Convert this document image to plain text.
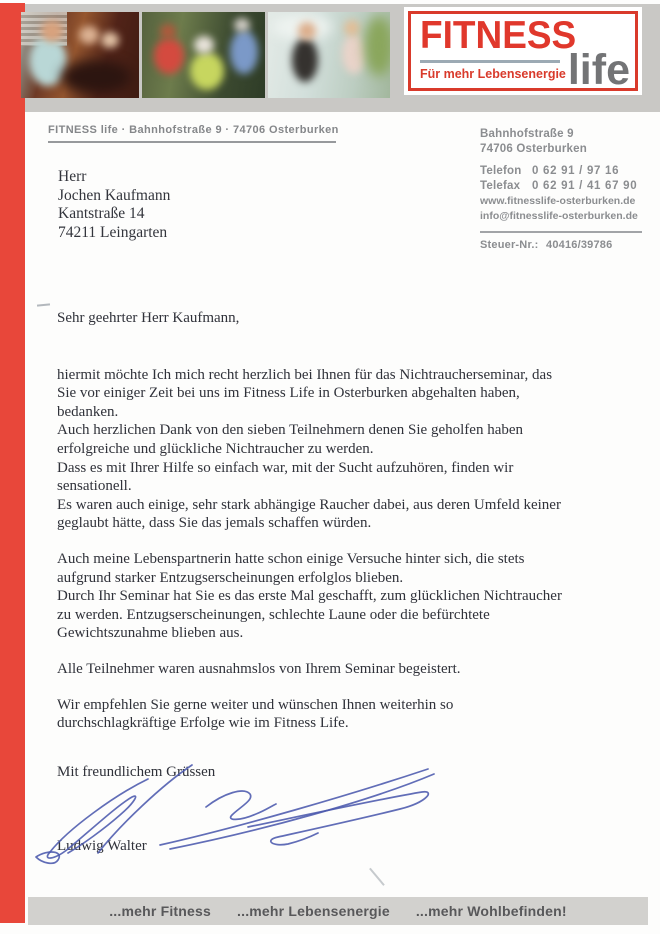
FITNESS
Für mehr Lebensenergie life
FITNESS life · Bahnhofstraße 9 · 74706 Osterburken
Herr
Jochen Kaufmann
Kantstraße 14
74211 Leingarten
Bahnhofstraße 9
74706 Osterburken
Telefon 0 62 91 / 97 16
Telefax	0 62 91 / 41 67 90
www.fitnesslife-osterburken.de
info@fitnesslife-osterburken.de
Steuer-Nr.: 40416/39786
Sehr geehrter Herr Kaufmann,
hiermit möchte Ich mich recht herzlich bei Ihnen für das Nichtraucherseminar, das
Sie vor einiger Zeit bei uns im Fitness Life in Osterburken abgehalten haben,
bedanken.
Auch herzlichen Dank von den sieben Teilnehmern denen Sie geholfen haben
erfolgreiche und glückliche Nichtraucher zu werden.
Dass es mit Ihrer Hilfe so einfach war, mit der Sucht aufzuhören, finden wir
sensationell.
Es waren auch einige, sehr stark abhängige Raucher dabei, aus deren Umfeld keiner
geglaubt hätte, dass Sie das jemals schaffen würden.
Auch meine Lebenspartnerin hatte schon einige Versuche hinter sich, die stets
aufgrund starker Entzugserscheinungen erfolglos blieben.
Durch Ihr Seminar hat Sie es das erste Mal geschafft, zum glücklichen Nichtraucher
zu werden. Entzugserscheinungen, schlechte Laune oder die befürchtete
Gewichtszunahme blieben aus.
Alle Teilnehmer waren ausnahmslos von Ihrem Seminar begeistert.
Wir empfehlen Sie gerne weiter und wünschen Ihnen weiterhin so
durchschlagkräftige Erfolge wie im Fitness Life.
Mit freundlichem Grüssen
Ludwig Walter
...mehr Fitness ...mehr Lebensenergie ...mehr Wohlbefinden!
